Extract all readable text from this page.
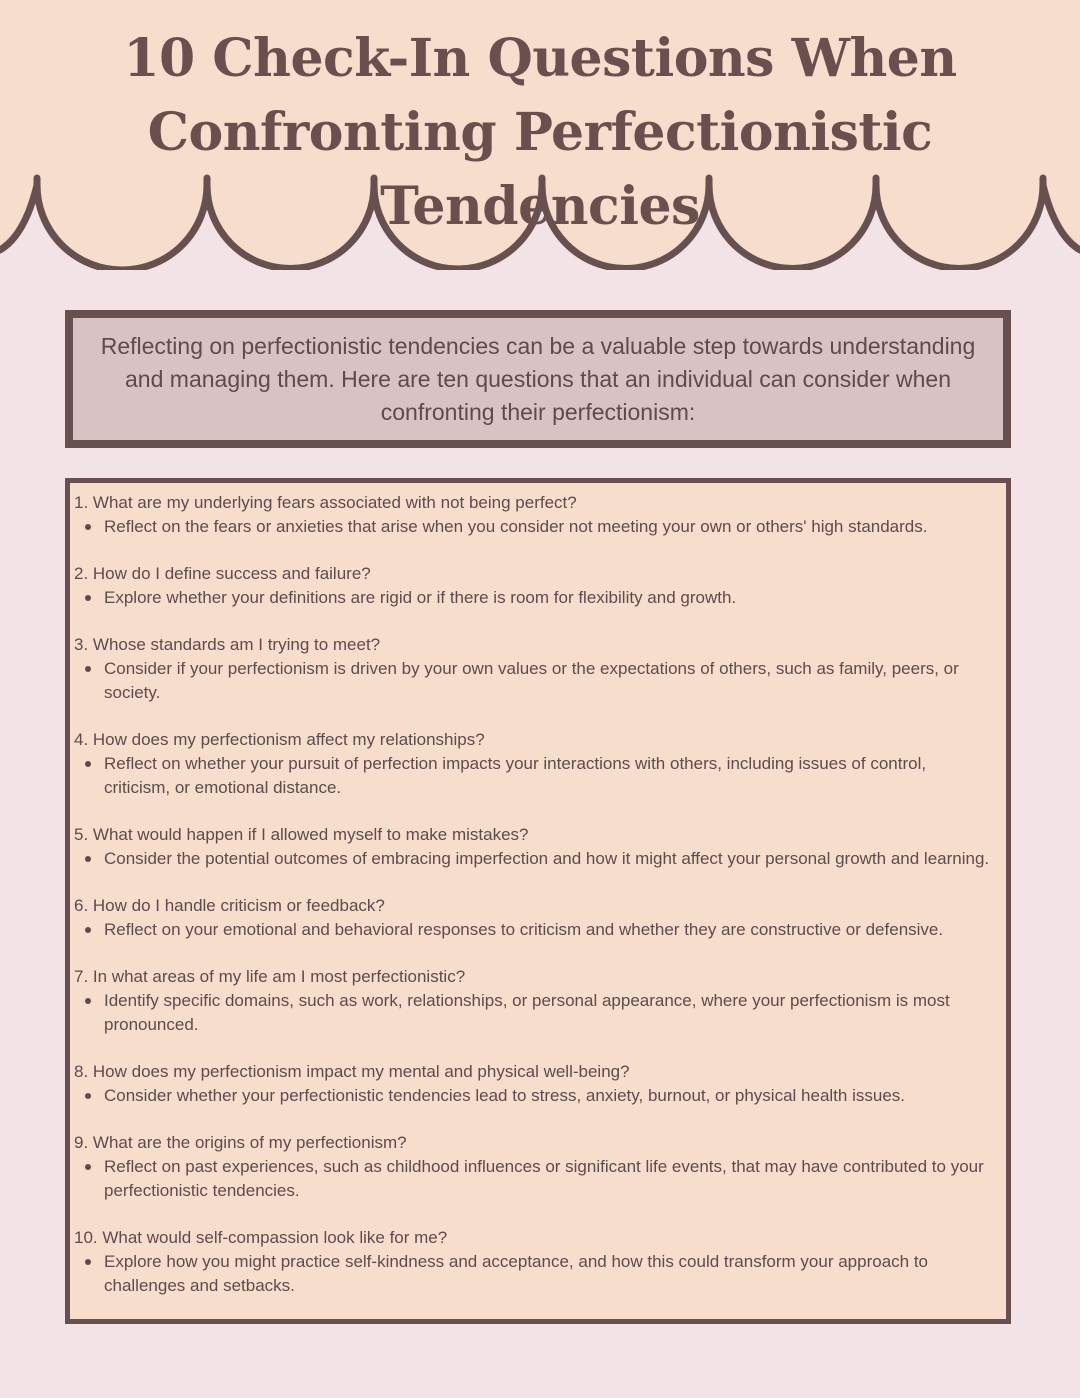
10 Check-In Questions When
Confronting Perfectionistic Tendencies

Reflecting on perfectionistic tendencies can be a valuable step towards understanding and managing them. Here are ten questions that an individual can consider when confronting their perfectionism:

1. What are my underlying fears associated with not being perfect?
Reflect on the fears or anxieties that arise when you consider not meeting your own or others' high standards.
2. How do I define success and failure?
Explore whether your definitions are rigid or if there is room for flexibility and growth.
3. Whose standards am I trying to meet?
Consider if your perfectionism is driven by your own values or the expectations of others, such as family, peers, or society.
4. How does my perfectionism affect my relationships?
Reflect on whether your pursuit of perfection impacts your interactions with others, including issues of control, criticism, or emotional distance.
5. What would happen if I allowed myself to make mistakes?
Consider the potential outcomes of embracing imperfection and how it might affect your personal growth and learning.
6. How do I handle criticism or feedback?
Reflect on your emotional and behavioral responses to criticism and whether they are constructive or defensive.
7. In what areas of my life am I most perfectionistic?
Identify specific domains, such as work, relationships, or personal appearance, where your perfectionism is most pronounced.
8. How does my perfectionism impact my mental and physical well-being?
Consider whether your perfectionistic tendencies lead to stress, anxiety, burnout, or physical health issues.
9. What are the origins of my perfectionism?
Reflect on past experiences, such as childhood influences or significant life events, that may have contributed to your perfectionistic tendencies.
10. What would self-compassion look like for me?
Explore how you might practice self-kindness and acceptance, and how this could transform your approach to challenges and setbacks.
